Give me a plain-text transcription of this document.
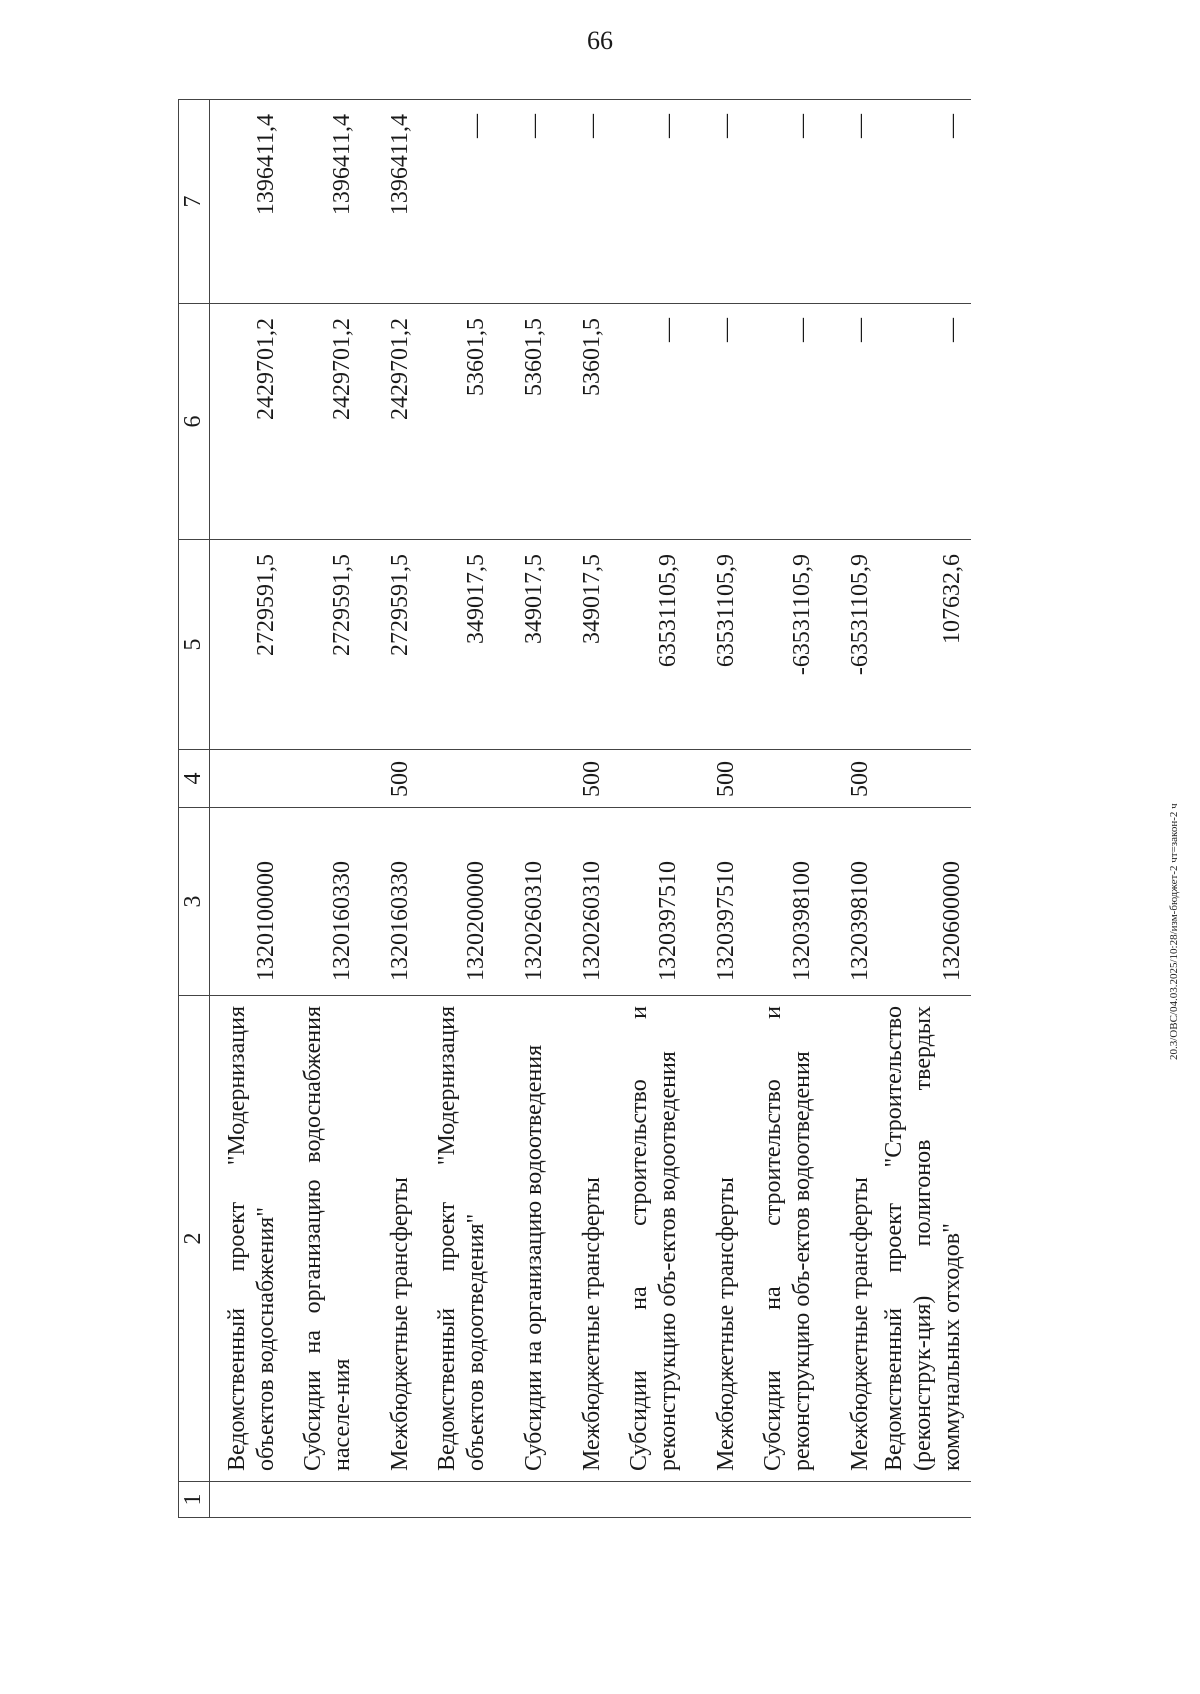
66
1	2	3	4	5	6	7
	Ведомственный проект "Модернизация объектов водоснабжения"	1320100000		2729591,5	2429701,2	1396411,4
	Субсидии на организацию водоснабжения населе-ния	1320160330		2729591,5	2429701,2	1396411,4
	Межбюджетные трансферты	1320160330	500	2729591,5	2429701,2	1396411,4
	Ведомственный проект "Модернизация объектов водоотведения"	1320200000		349017,5	53601,5	—
	Субсидии на организацию водоотведения	1320260310		349017,5	53601,5	—
	Межбюджетные трансферты	1320260310	500	349017,5	53601,5	—
	Субсидии на строительство и реконструкцию объ-ектов водоотведения	1320397510		63531105,9	—	—
	Межбюджетные трансферты	1320397510	500	63531105,9	—	—
	Субсидии на строительство и реконструкцию объ-ектов водоотведения	1320398100		-63531105,9	—	—
	Межбюджетные трансферты	1320398100	500	-63531105,9	—	—
	Ведомственный проект "Строительство (реконструк-ция) полигонов твердых коммунальных отходов"	1320600000		107632,6	—	—
20.3/ОВС/04.03.2025/10:28/изм-бюджет-2 чт=закон-2 ч
